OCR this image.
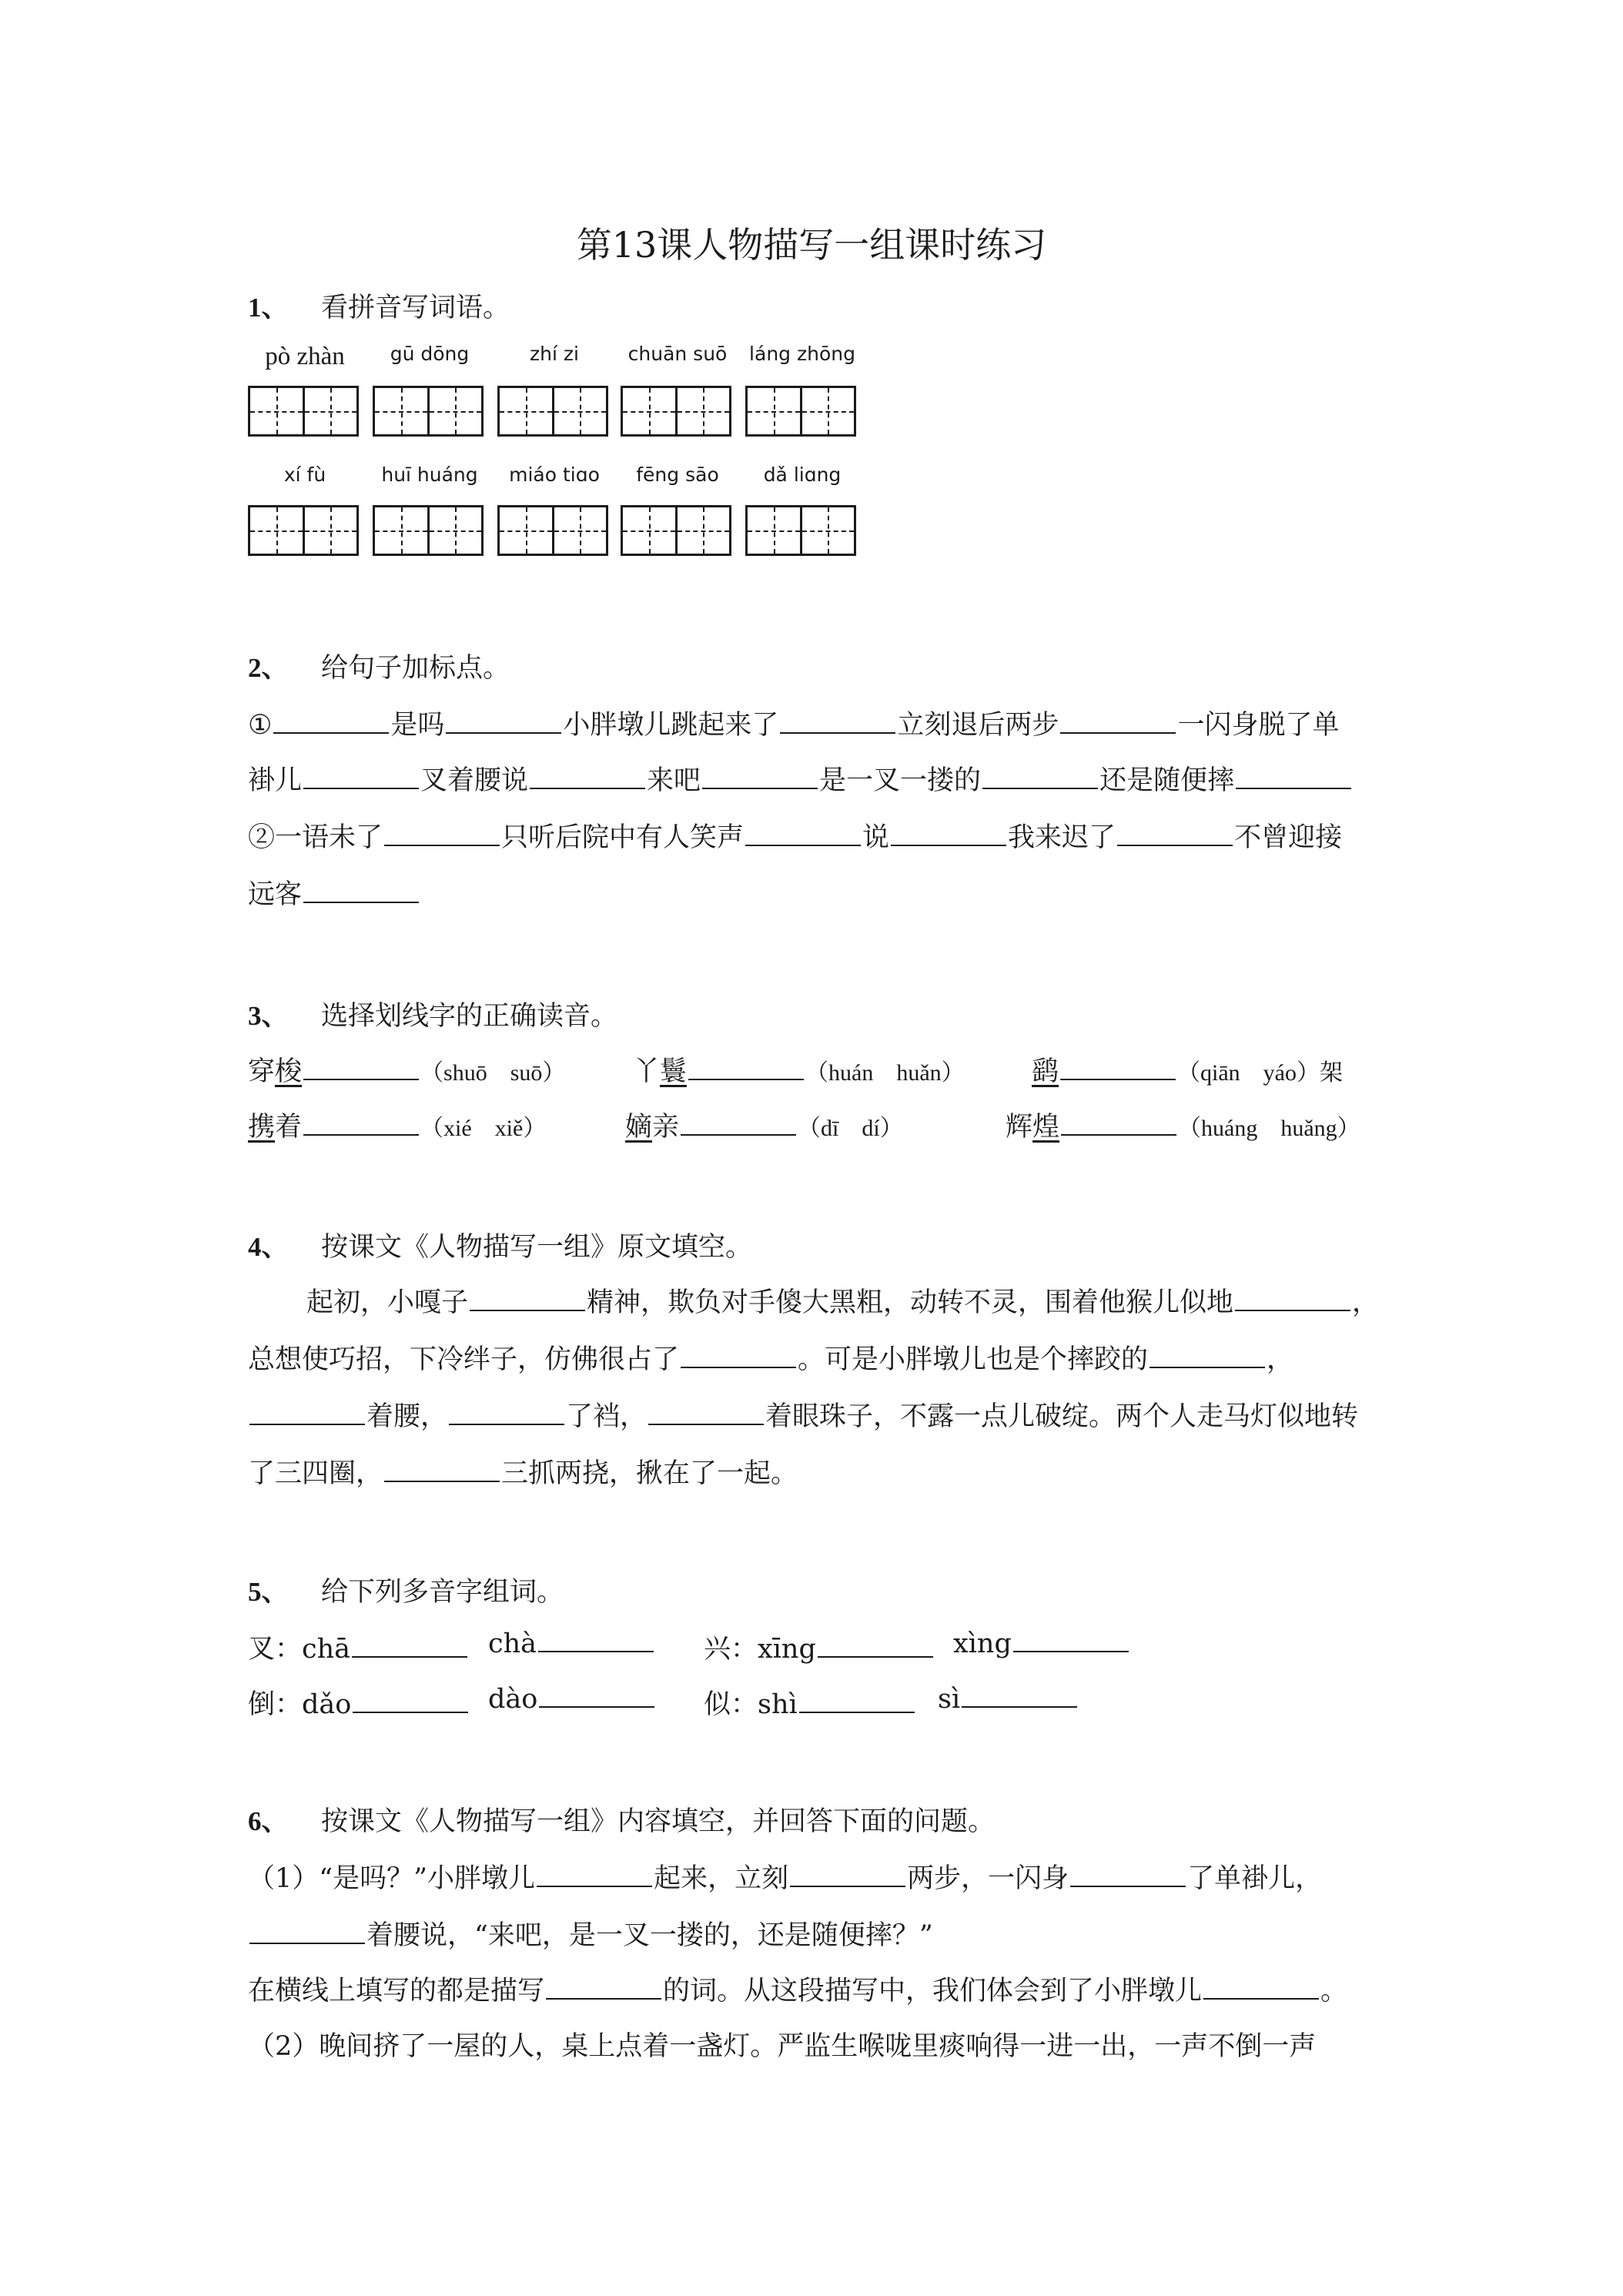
第13课人物描写一组课时练习
1、 看拼音写词语。
pò zhàn	gū dōng	zhí zi	chuān suō	láng zhōng
xí fù	huī huáng	miáo tiɑo	fēng sāo	dǎ liɑng
2、 给句子加标点。
①	是吗	小胖墩儿跳起来了	立刻退后两步	一闪身脱了单
褂儿	叉着腰说	来吧	是一叉一搂的	还是随便摔
②一语未了	只听后院中有人笑声	说	我来迟了	不曾迎接
远客
3、 选择划线字的正确读音。
穿梭	（shuō　suō）	丫鬟	（huán　huǎn） 鹞	（qiān　yáo）架
携着	（xié　xiě）	嫡亲	（dī　dí）	辉煌	（huáng　huǎng）
4、 按课文《人物描写一组》原文填空。
起初，小嘎子	精神，欺负对手傻大黑粗，动转不灵，围着他猴儿似地	，
总想使巧招，下冷绊子，仿佛很占了	。可是小胖墩儿也是个摔跤的	，
着腰，	了裆，	着眼珠子，不露一点儿破绽。两个人走马灯似地转
了三四圈，	三抓两挠，揪在了一起。
5、 给下列多音字组词。
叉：chā	chà	兴：xīng	xìng
倒：dǎo	dào	似：shì	sì
6、 按课文《人物描写一组》内容填空，并回答下面的问题。
（1）“是吗？”小胖墩儿	起来，立刻	两步，一闪身	了单褂儿，
着腰说，“来吧，是一叉一搂的，还是随便摔？”
在横线上填写的都是描写	的词。从这段描写中，我们体会到了小胖墩儿	。
（2）晚间挤了一屋的人，桌上点着一盏灯。严监生喉咙里痰响得一进一出，一声不倒一声
